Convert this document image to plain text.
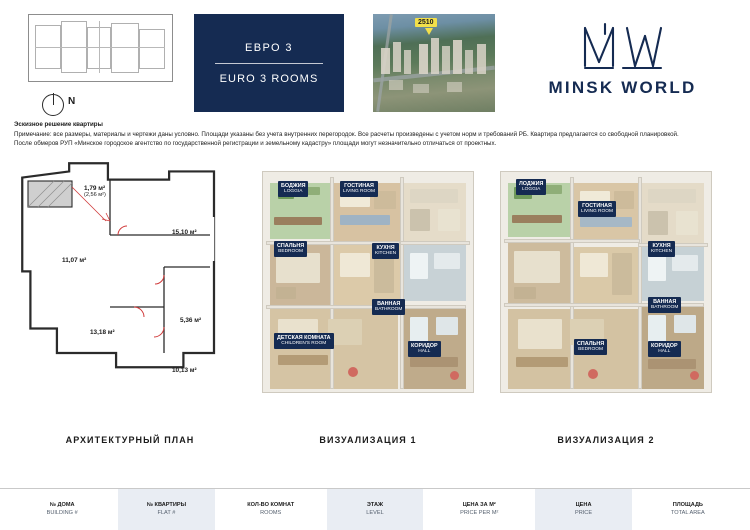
N
ЕВРО 3
EURO 3 ROOMS
2510
MINSK WORLD
Эскизное решение квартиры
Примечание: все размеры, материалы и чертежи даны условно. Площади указаны без учета внутренних перегородок. Все расчеты произведены с учетом норм и требований РБ. Квартира предлагается со свободной планировкой.
После обмеров РУП «Минское городское агентство по государственной регистрации и земельному кадастру» площади могут незначительно отличаться от проектных.
1,79 м²
(2,56 м²)
15,10 м²
11,07 м²
5,36 м²
13,18 м²
10,13 м²
БОДЖИЯ
LOGGIA
ГОСТИНАЯ
LIVING ROOM
СПАЛЬНЯ
BEDROOM
КУХНЯ
KITCHEN
ВАННАЯ
BATHROOM
ДЕТСКАЯ КОМНАТА
CHILDREN'S ROOM	КОРИДОР
HALL
ЛОДЖИЯ
LOGGIA
ГОСТИНАЯ
LIVING ROOM
КУХНЯ
KITCHEN
ВАННАЯ
BATHROOM
СПАЛЬНЯ
BEDROOM
КОРИДОР
HALL
АРХИТЕКТУРНЫЙ ПЛАН	ВИЗУАЛИЗАЦИЯ 1	ВИЗУАЛИЗАЦИЯ 2
№ ДОМА
BUILDING #
№ КВАРТИРЫ
FLAT #
КОЛ-ВО КОМНАТ
ROOMS
ЭТАЖ
LEVEL
ЦЕНА ЗА М²
PRICE PER M²
ЦЕНА
PRICE
ПЛОЩАДЬ
TOTAL AREA
